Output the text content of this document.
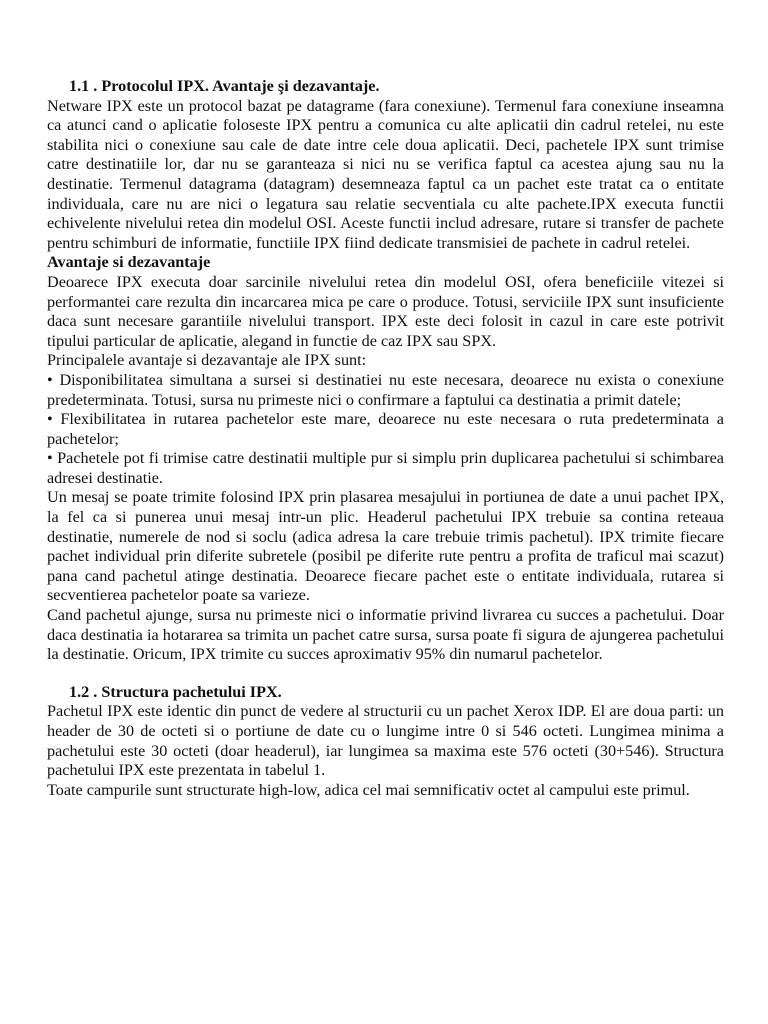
1.1 . Protocolul IPX. Avantaje şi dezavantaje.

Netware IPX este un protocol bazat pe datagrame (fara conexiune). Termenul fara conexiune inseamna ca atunci cand o aplicatie foloseste IPX pentru a comunica cu alte aplicatii din cadrul retelei, nu este stabilita nici o conexiune sau cale de date intre cele doua aplicatii. Deci, pachetele IPX sunt trimise catre destinatiile lor, dar nu se garanteaza si nici nu se verifica faptul ca acestea ajung sau nu la destinatie. Termenul datagrama (datagram) desemneaza faptul ca un pachet este tratat ca o entitate individuala, care nu are nici o legatura sau relatie secventiala cu alte pachete.IPX executa functii echivelente nivelului retea din modelul OSI. Aceste functii includ adresare, rutare si transfer de pachete pentru schimburi de informatie, functiile IPX fiind dedicate transmisiei de pachete in cadrul retelei.

Avantaje si dezavantaje

Deoarece IPX executa doar sarcinile nivelului retea din modelul OSI, ofera beneficiile vitezei si performantei care rezulta din incarcarea mica pe care o produce. Totusi, serviciile IPX sunt insuficiente daca sunt necesare garantiile nivelului transport. IPX este deci folosit in cazul in care este potrivit tipului particular de aplicatie, alegand in functie de caz IPX sau SPX.

Principalele avantaje si dezavantaje ale IPX sunt:

• Disponibilitatea simultana a sursei si destinatiei nu este necesara, deoarece nu exista o conexiune predeterminata. Totusi, sursa nu primeste nici o confirmare a faptului ca destinatia a primit datele;

• Flexibilitatea in rutarea pachetelor este mare, deoarece nu este necesara o ruta predeterminata a pachetelor;

• Pachetele pot fi trimise catre destinatii multiple pur si simplu prin duplicarea pachetului si schimbarea adresei destinatie.

Un mesaj se poate trimite folosind IPX prin plasarea mesajului in portiunea de date a unui pachet IPX, la fel ca si punerea unui mesaj intr-un plic. Headerul pachetului IPX trebuie sa contina reteaua destinatie, numerele de nod si soclu (adica adresa la care trebuie trimis pachetul). IPX trimite fiecare pachet individual prin diferite subretele (posibil pe diferite rute pentru a profita de traficul mai scazut) pana cand pachetul atinge destinatia. Deoarece fiecare pachet este o entitate individuala, rutarea si secventierea pachetelor poate sa varieze.

Cand pachetul ajunge, sursa nu primeste nici o informatie privind livrarea cu succes a pachetului. Doar daca destinatia ia hotararea sa trimita un pachet catre sursa, sursa poate fi sigura de ajungerea pachetului la destinatie. Oricum, IPX trimite cu succes aproximativ 95% din numarul pachetelor.

1.2 . Structura pachetului IPX.

Pachetul IPX este identic din punct de vedere al structurii cu un pachet Xerox IDP. El are doua parti: un header de 30 de octeti si o portiune de date cu o lungime intre 0 si 546 octeti. Lungimea minima a pachetului este 30 octeti (doar headerul), iar lungimea sa maxima este 576 octeti (30+546). Structura pachetului IPX este prezentata in tabelul 1.

Toate campurile sunt structurate high-low, adica cel mai semnificativ octet al campului este primul.
